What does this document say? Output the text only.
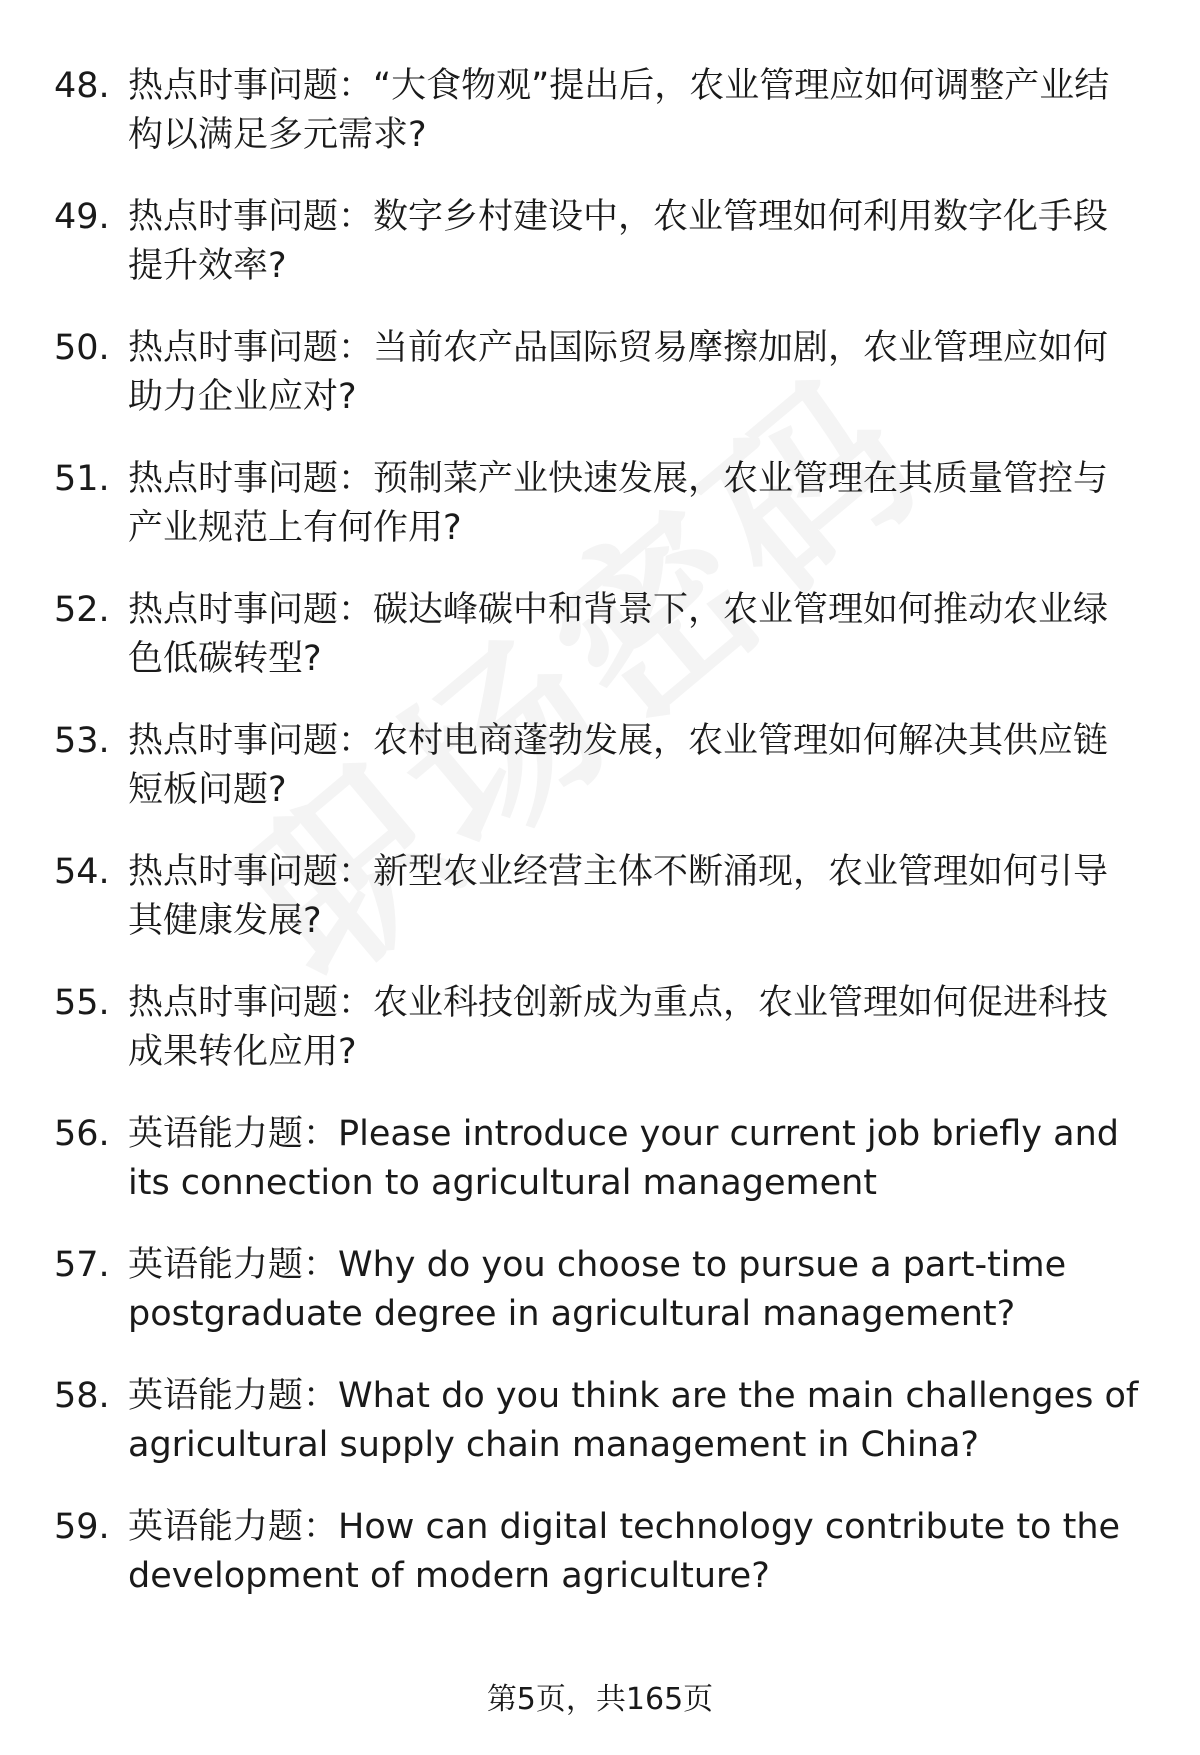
48. 热点时事问题：“大食物观”提出后，农业管理应如何调整产业结构以满足多元需求?
49. 热点时事问题：数字乡村建设中，农业管理如何利用数字化手段提升效率?
50. 热点时事问题：当前农产品国际贸易摩擦加剧，农业管理应如何助力企业应对?
51. 热点时事问题：预制菜产业快速发展，农业管理在其质量管控与产业规范上有何作用?
52. 热点时事问题：碳达峰碳中和背景下，农业管理如何推动农业绿色低碳转型?
53. 热点时事问题：农村电商蓬勃发展，农业管理如何解决其供应链短板问题?
54. 热点时事问题：新型农业经营主体不断涌现，农业管理如何引导其健康发展?
55. 热点时事问题：农业科技创新成为重点，农业管理如何促进科技成果转化应用?
56. 英语能力题：Please introduce your current job briefly and its connection to agricultural management
57. 英语能力题：Why do you choose to pursue a part-time postgraduate degree in agricultural management?
58. 英语能力题：What do you think are the main challenges of agricultural supply chain management in China?
59. 英语能力题：How can digital technology contribute to the development of modern agriculture?
第5页，共165页
